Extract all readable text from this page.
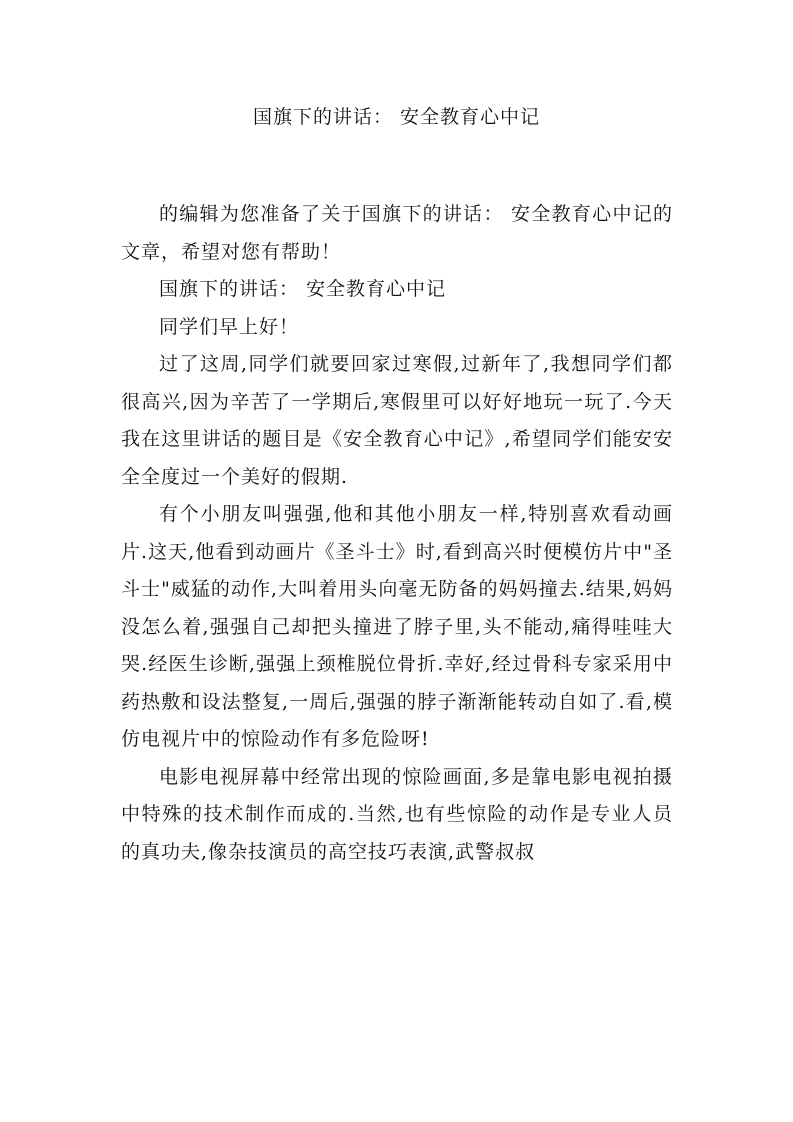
国旗下的讲话： 安全教育心中记

的编辑为您准备了关于国旗下的讲话： 安全教育心中记的文章，希望对您有帮助！

国旗下的讲话： 安全教育心中记

同学们早上好！

过了这周,同学们就要回家过寒假,过新年了,我想同学们都很高兴,因为辛苦了一学期后,寒假里可以好好地玩一玩了.今天我在这里讲话的题目是《安全教育心中记》,希望同学们能安安全全度过一个美好的假期.

有个小朋友叫强强,他和其他小朋友一样,特别喜欢看动画片.这天,他看到动画片《圣斗士》时,看到高兴时便模仿片中"圣斗士"威猛的动作,大叫着用头向毫无防备的妈妈撞去.结果,妈妈没怎么着,强强自己却把头撞进了脖子里,头不能动,痛得哇哇大哭.经医生诊断,强强上颈椎脱位骨折.幸好,经过骨科专家采用中药热敷和设法整复,一周后,强强的脖子渐渐能转动自如了.看,模仿电视片中的惊险动作有多危险呀!

电影电视屏幕中经常出现的惊险画面,多是靠电影电视拍摄中特殊的技术制作而成的.当然,也有些惊险的动作是专业人员的真功夫,像杂技演员的高空技巧表演,武警叔叔
